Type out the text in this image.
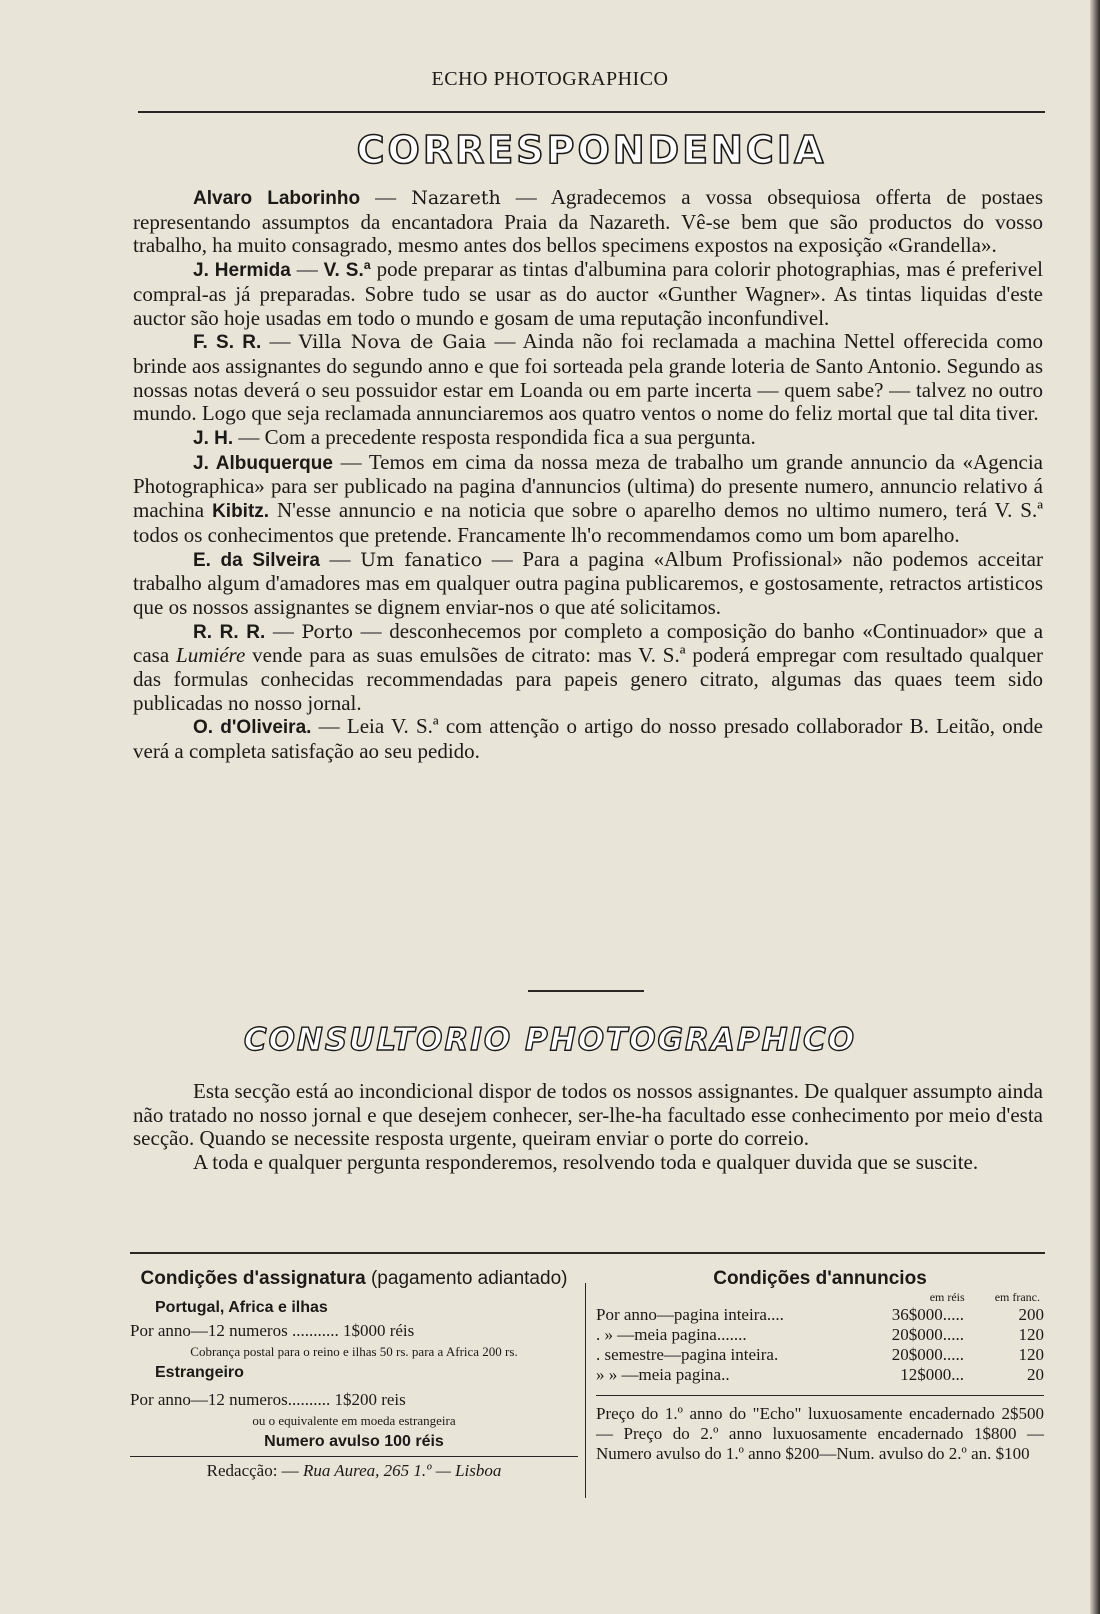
ECHO PHOTOGRAPHICO
CORRESPONDENCIA

Alvaro Laborinho — Nazareth — Agradecemos a vossa obsequiosa offerta de postaes representando assumptos da encantadora Praia da Nazareth. Vê-se bem que são productos do vosso trabalho, ha muito consagrado, mesmo antes dos bellos specimens expostos na exposição «Grandella».

J. Hermida — V. S.ª pode preparar as tintas d'albumina para colorir photographias, mas é preferivel compral-as já preparadas. Sobre tudo se usar as do auctor «Gunther Wagner». As tintas liquidas d'este auctor são hoje usadas em todo o mundo e gosam de uma reputação inconfundivel.

F. S. R. — Villa Nova de Gaia — Ainda não foi reclamada a machina Nettel offerecida como brinde aos assignantes do segundo anno e que foi sorteada pela grande loteria de Santo Antonio. Segundo as nossas notas deverá o seu possuidor estar em Loanda ou em parte incerta — quem sabe? — talvez no outro mundo. Logo que seja reclamada annunciaremos aos quatro ventos o nome do feliz mortal que tal dita tiver.

J. H. — Com a precedente resposta respondida fica a sua pergunta.

J. Albuquerque — Temos em cima da nossa meza de trabalho um grande annuncio da «Agencia Photographica» para ser publicado na pagina d'annuncios (ultima) do presente numero, annuncio relativo á machina Kibitz. N'esse annuncio e na noticia que sobre o aparelho demos no ultimo numero, terá V. S.ª todos os conhecimentos que pretende. Francamente lh'o recommendamos como um bom aparelho.

E. da Silveira — Um fanatico — Para a pagina «Album Profissional» não podemos acceitar trabalho algum d'amadores mas em qualquer outra pagina publicaremos, e gostosamente, retractos artisticos que os nossos assignantes se dignem enviar-nos o que até solicitamos.

R. R. R. — Porto — desconhecemos por completo a composição do banho «Continuador» que a casa Lumiére vende para as suas emulsões de citrato: mas V. S.ª poderá empregar com resultado qualquer das formulas conhecidas recommendadas para papeis genero citrato, algumas das quaes teem sido publicadas no nosso jornal.

O. d'Oliveira. — Leia V. S.ª com attenção o artigo do nosso presado collaborador B. Leitão, onde verá a completa satisfação ao seu pedido.

CONSULTORIO PHOTOGRAPHICO

Esta secção está ao incondicional dispor de todos os nossos assignantes. De qualquer assumpto ainda não tratado no nosso jornal e que desejem conhecer, ser-lhe-ha facultado esse conhecimento por meio d'esta secção. Quando se necessite resposta urgente, queiram enviar o porte do correio.

A toda e qualquer pergunta responderemos, resolvendo toda e qualquer duvida que se suscite.

Condições d'assignatura (pagamento adiantado)
Portugal, Africa e ilhas
Por anno—12 numeros ........... 1$000 réis
Cobrança postal para o reino e ilhas 50 rs. para a Africa 200 rs.
Estrangeiro
Por anno—12 numeros.......... 1$200 reis
ou o equivalente em moeda estrangeira
Numero avulso 100 réis
Redacção: — Rua Aurea, 265 1.º — Lisboa
Condições d'annuncios
em réis	em franc.
Por anno—pagina inteira....	36$000.....	200
. » —meia pagina.......	20$000.....	120
. semestre—pagina inteira.	20$000.....	120
» » —meia pagina..	12$000...	20
Preço do 1.º anno do "Echo" luxuosamente encadernado 2$500 — Preço do 2.º anno luxuosamente encadernado 1$800 — Numero avulso do 1.º anno $200—Num. avulso do 2.º an. $100
